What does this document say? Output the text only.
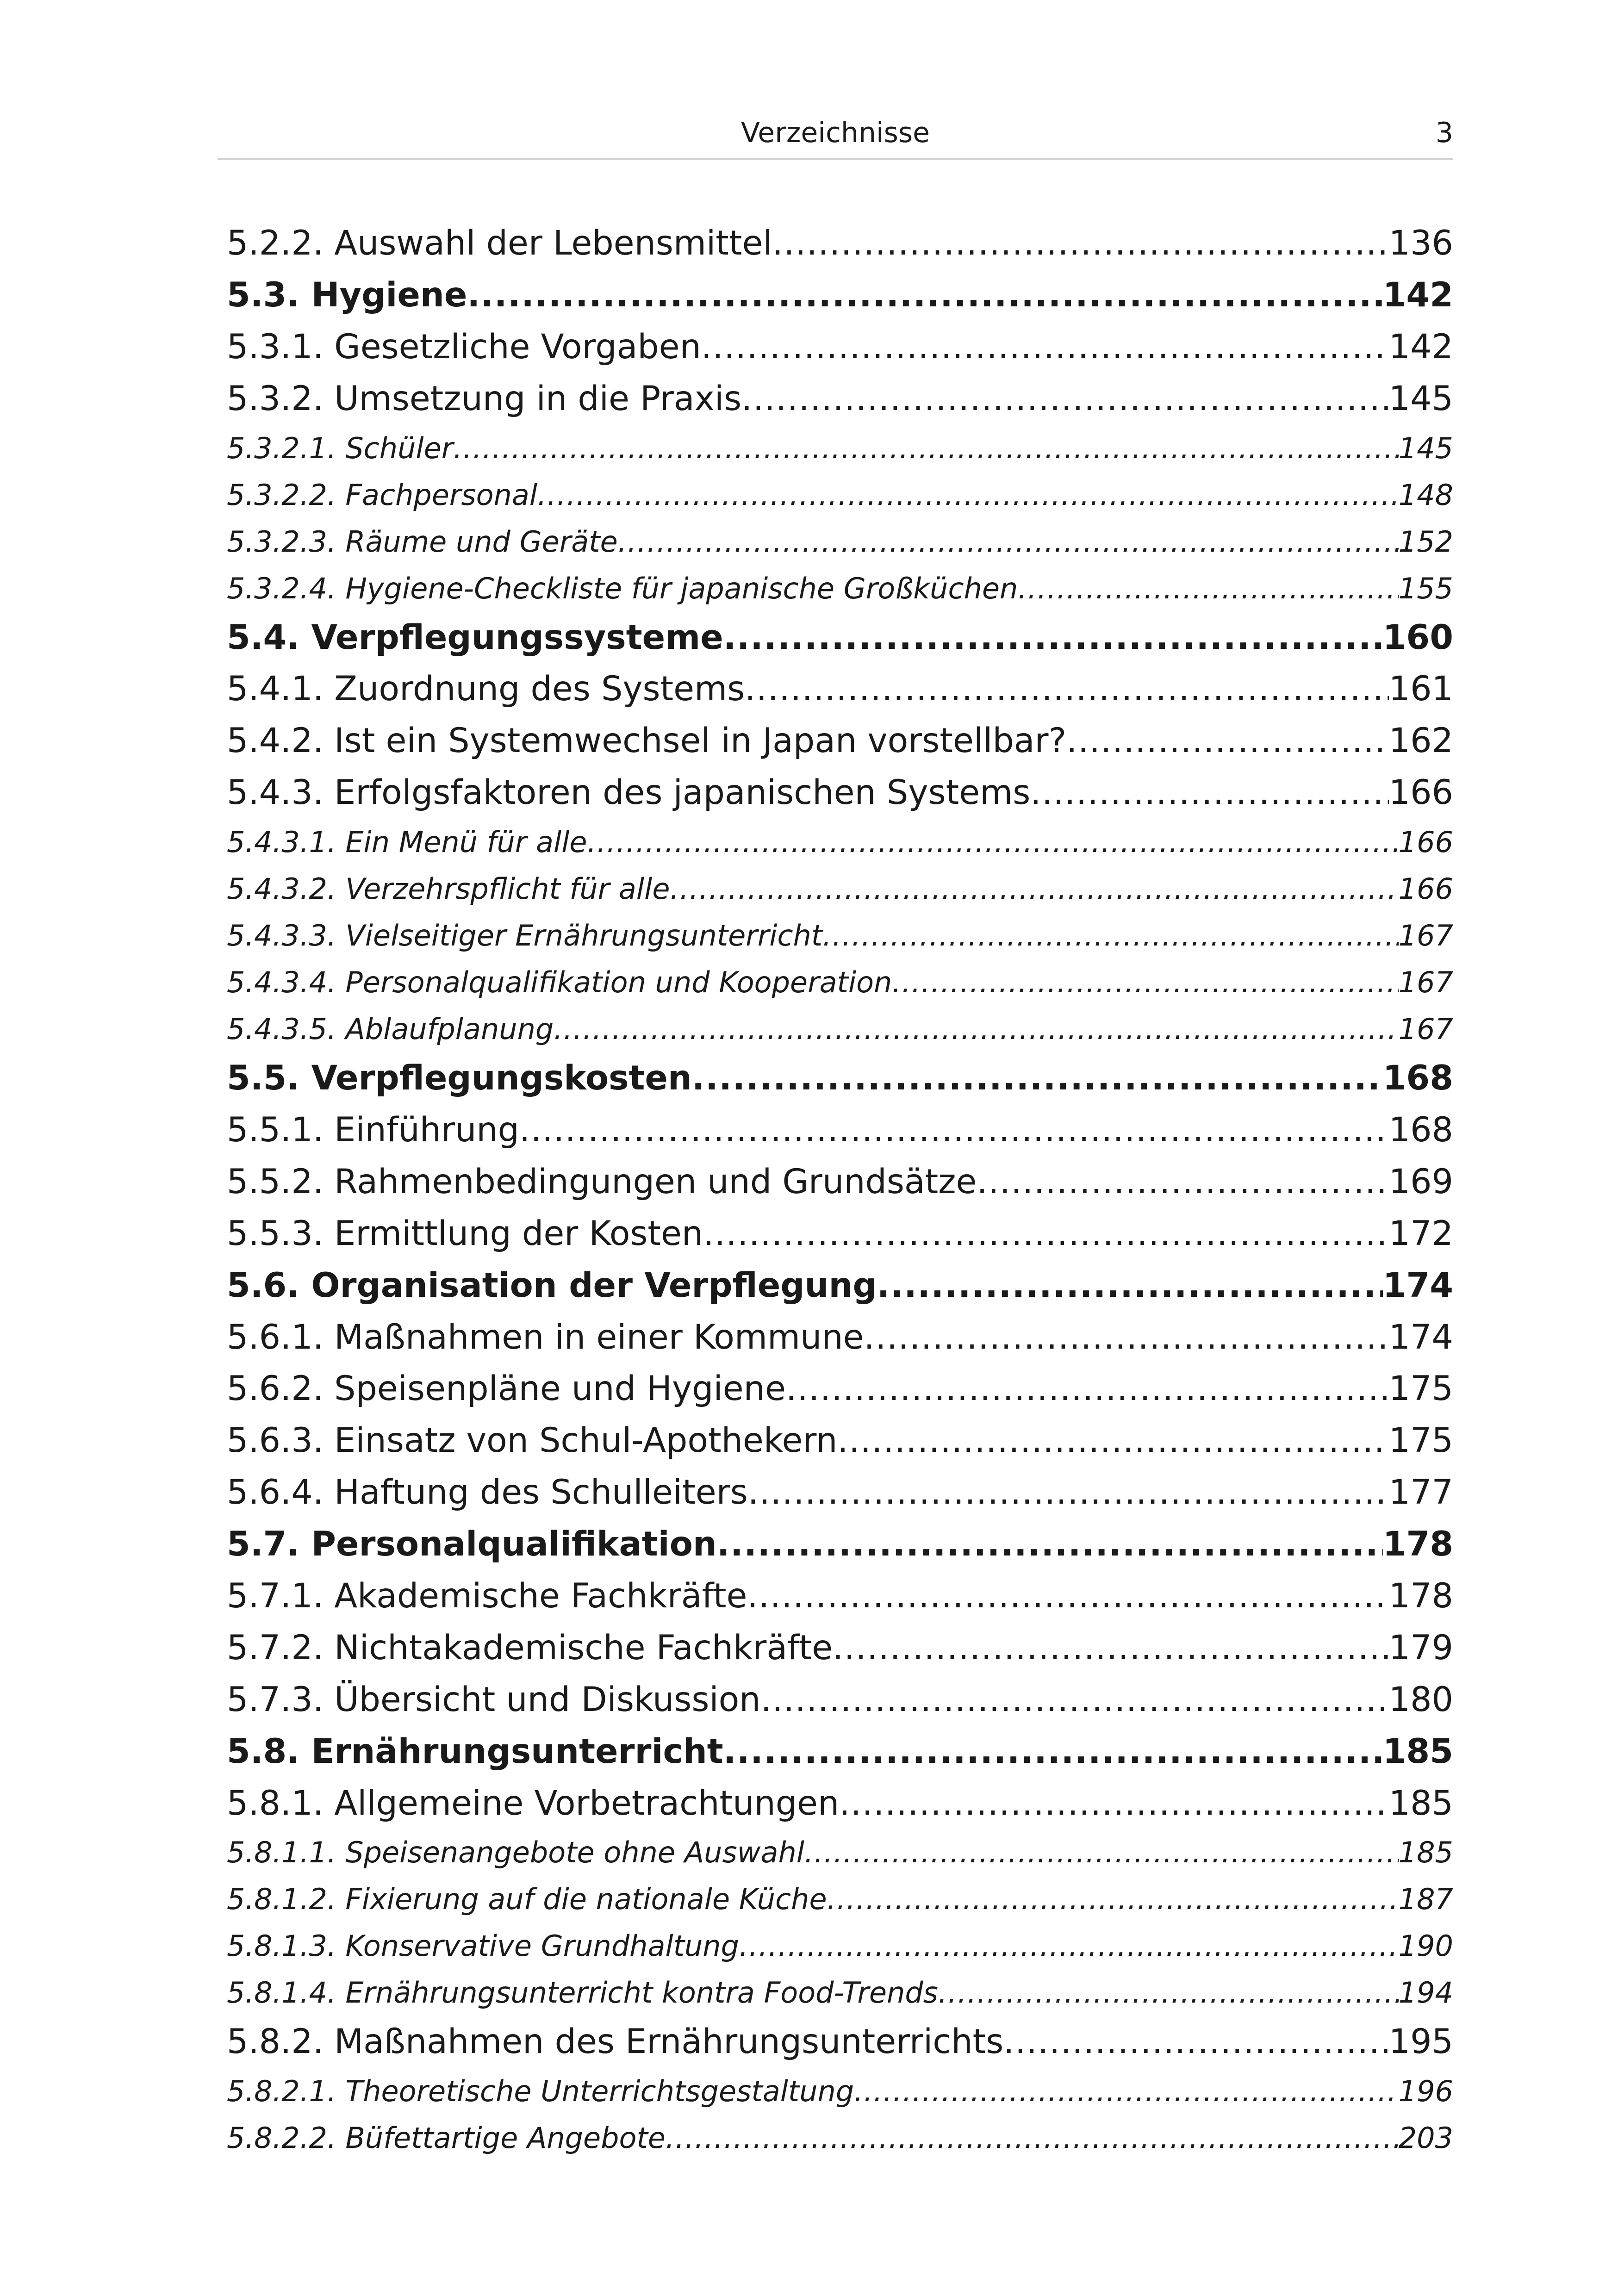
Verzeichnisse	3
5.2.2. Auswahl der Lebensmittel .....	136
5.3. Hygiene .....	142
5.3.1. Gesetzliche Vorgaben .....	142
5.3.2. Umsetzung in die Praxis .....	145
5.3.2.1. Schüler .....	145
5.3.2.2. Fachpersonal .....	148
5.3.2.3. Räume und Geräte .....	152
5.3.2.4. Hygiene-Checkliste für japanische Großküchen .....	155
5.4. Verpflegungssysteme .....	160
5.4.1. Zuordnung des Systems .....	161
5.4.2. Ist ein Systemwechsel in Japan vorstellbar? .....	162
5.4.3. Erfolgsfaktoren des japanischen Systems .....	166
5.4.3.1. Ein Menü für alle .....	166
5.4.3.2. Verzehrspflicht für alle .....	166
5.4.3.3. Vielseitiger Ernährungsunterricht .....	167
5.4.3.4. Personalqualifikation und Kooperation .....	167
5.4.3.5. Ablaufplanung .....	167
5.5. Verpflegungskosten .....	168
5.5.1. Einführung .....	168
5.5.2. Rahmenbedingungen und Grundsätze .....	169
5.5.3. Ermittlung der Kosten .....	172
5.6. Organisation der Verpflegung .....	174
5.6.1. Maßnahmen in einer Kommune .....	174
5.6.2. Speisenpläne und Hygiene .....	175
5.6.3. Einsatz von Schul-Apothekern .....	175
5.6.4. Haftung des Schulleiters .....	177
5.7. Personalqualifikation .....	178
5.7.1. Akademische Fachkräfte .....	178
5.7.2. Nichtakademische Fachkräfte .....	179
5.7.3. Übersicht und Diskussion .....	180
5.8. Ernährungsunterricht .....	185
5.8.1. Allgemeine Vorbetrachtungen .....	185
5.8.1.1. Speisenangebote ohne Auswahl .....	185
5.8.1.2. Fixierung auf die nationale Küche .....	187
5.8.1.3. Konservative Grundhaltung .....	190
5.8.1.4. Ernährungsunterricht kontra Food-Trends .....	194
5.8.2. Maßnahmen des Ernährungsunterrichts .....	195
5.8.2.1. Theoretische Unterrichtsgestaltung .....	196
5.8.2.2. Büfettartige Angebote .....	203
